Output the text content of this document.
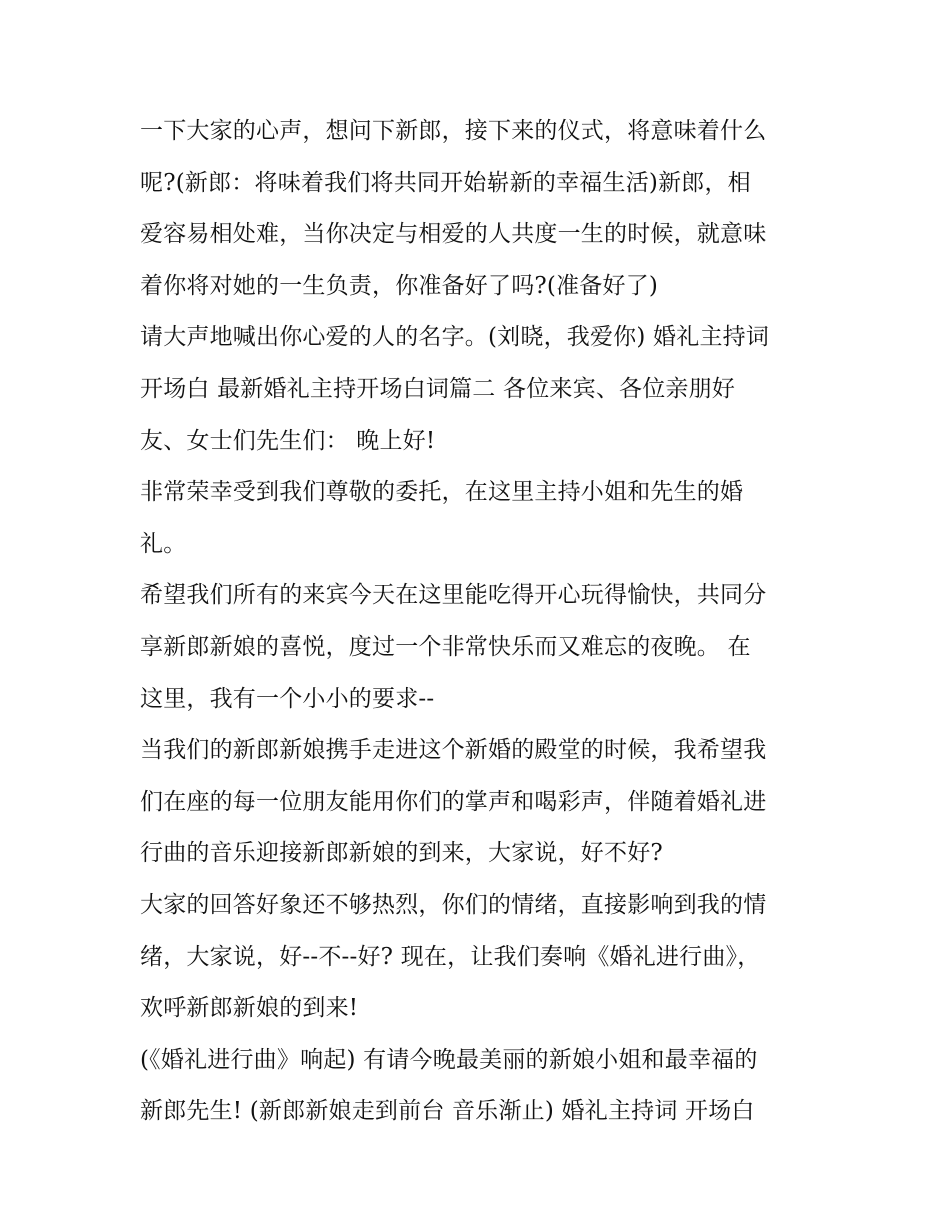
一下大家的心声，想问下新郎，接下来的仪式，将意味着什么
呢?(新郎：将味着我们将共同开始崭新的幸福生活)新郎，相
爱容易相处难，当你决定与相爱的人共度一生的时候，就意味
着你将对她的一生负责，你准备好了吗?(准备好了)
请大声地喊出你心爱的人的名字。(刘晓，我爱你) 婚礼主持词
开场白 最新婚礼主持开场白词篇二 各位来宾、各位亲朋好
友、女士们先生们： 晚上好!
非常荣幸受到我们尊敬的委托，在这里主持小姐和先生的婚
礼。
希望我们所有的来宾今天在这里能吃得开心玩得愉快，共同分
享新郎新娘的喜悦，度过一个非常快乐而又难忘的夜晚。 在
这里，我有一个小小的要求--
当我们的新郎新娘携手走进这个新婚的殿堂的时候，我希望我
们在座的每一位朋友能用你们的掌声和喝彩声，伴随着婚礼进
行曲的音乐迎接新郎新娘的到来，大家说，好不好?
大家的回答好象还不够热烈，你们的情绪，直接影响到我的情
绪，大家说，好--不--好? 现在，让我们奏响《婚礼进行曲》，
欢呼新郎新娘的到来!
(《婚礼进行曲》响起) 有请今晚最美丽的新娘小姐和最幸福的
新郎先生! (新郎新娘走到前台 音乐渐止) 婚礼主持词 开场白
